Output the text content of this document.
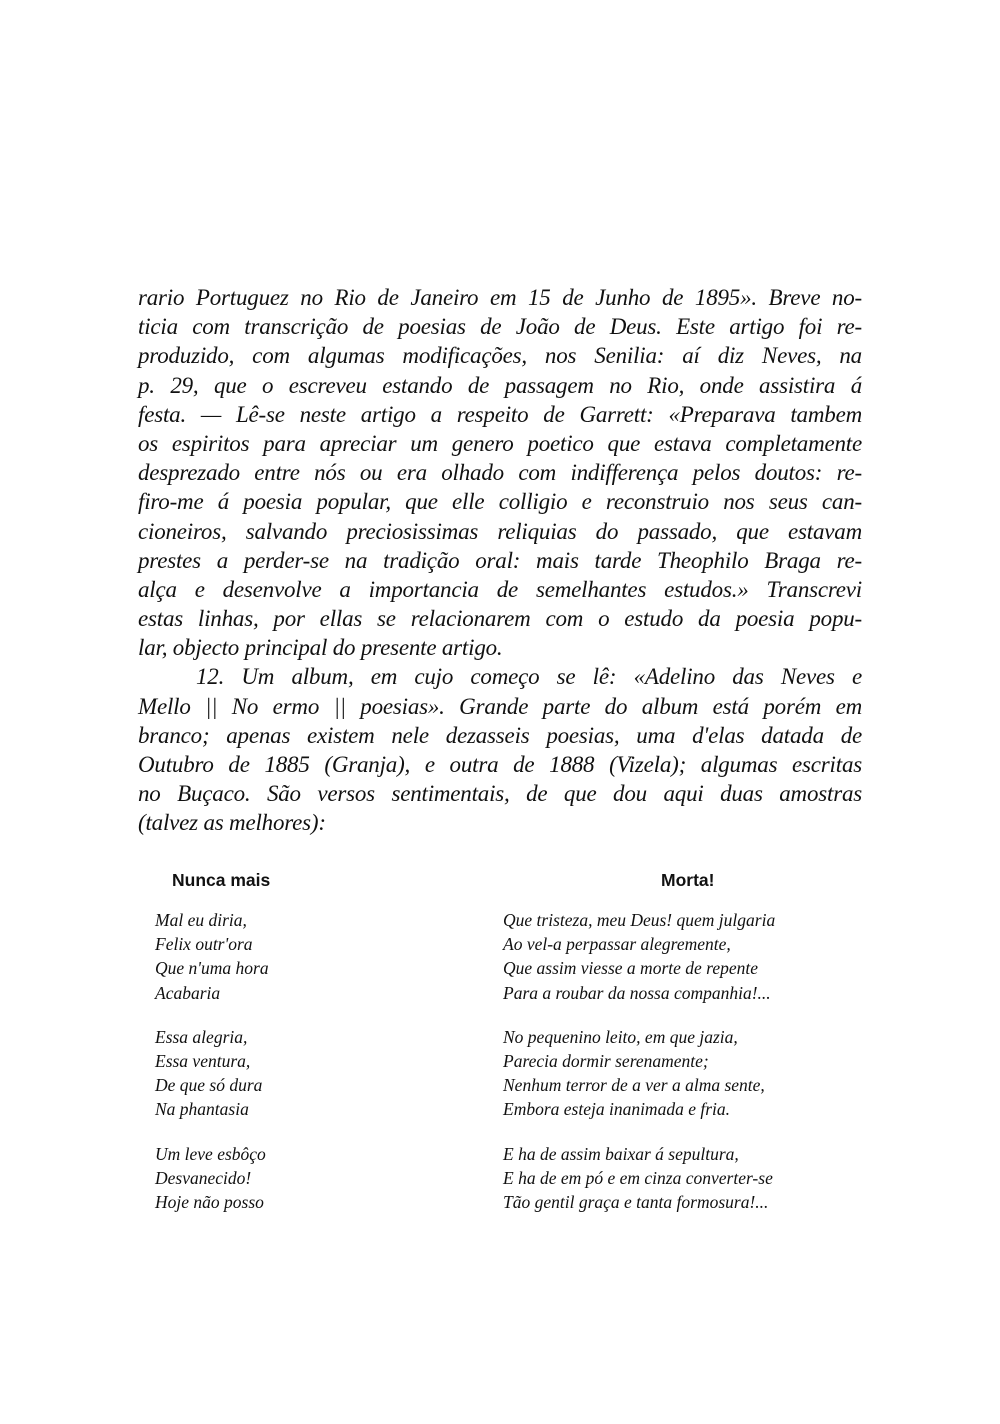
rario Portuguez no Rio de Janeiro em 15 de Junho de 1895». Breve no-
ticia com transcrição de poesias de João de Deus. Este artigo foi re-
produzido, com algumas modificações, nos Senilia: aí diz Neves, na
p. 29, que o escreveu estando de passagem no Rio, onde assistira á
festa. — Lê-se neste artigo a respeito de Garrett: «Preparava tambem
os espiritos para apreciar um genero poetico que estava completamente
desprezado entre nós ou era olhado com indifferença pelos doutos: re-
firo-me á poesia popular, que elle colligio e reconstruio nos seus can-
cioneiros, salvando preciosissimas reliquias do passado, que estavam
prestes a perder-se na tradição oral: mais tarde Theophilo Braga re-
alça e desenvolve a importancia de semelhantes estudos.» Transcrevi
estas linhas, por ellas se relacionarem com o estudo da poesia popu-
lar, objecto principal do presente artigo.
12. Um album, em cujo começo se lê: «Adelino das Neves e
Mello || No ermo || poesias». Grande parte do album está porém em
branco; apenas existem nele dezasseis poesias, uma d'elas datada de
Outubro de 1885 (Granja), e outra de 1888 (Vizela); algumas escritas
no Buçaco. São versos sentimentais, de que dou aqui duas amostras
(talvez as melhores):
Nunca mais
Mal eu diria,
Felix outr'ora
Que n'uma hora
Acabaria
Essa alegria,
Essa ventura,
De que só dura
Na phantasia
Um leve esbôço
Desvanecido!
Hoje não posso
Morta!
Que tristeza, meu Deus! quem julgaria
Ao vel-a perpassar alegremente,
Que assim viesse a morte de repente
Para a roubar da nossa companhia!...
No pequenino leito, em que jazia,
Parecia dormir serenamente;
Nenhum terror de a ver a alma sente,
Embora esteja inanimada e fria.
E ha de assim baixar á sepultura,
E ha de em pó e em cinza converter-se
Tão gentil graça e tanta formosura!...
